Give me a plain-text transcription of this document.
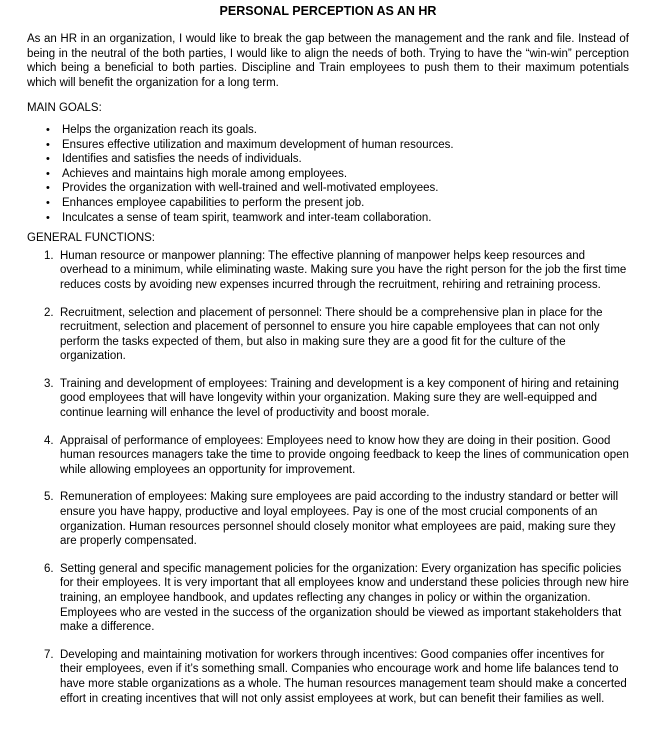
PERSONAL PERCEPTION AS AN HR

As an HR in an organization, I would like to break the gap between the management and the rank and file. Instead of being in the neutral of the both parties, I would like to align the needs of both. Trying to have the “win-win” perception which being a beneficial to both parties. Discipline and Train employees to push them to their maximum potentials which will benefit the organization for a long term.

MAIN GOALS:

•
Helps the organization reach its goals.
•
Ensures effective utilization and maximum development of human resources.
•
Identifies and satisfies the needs of individuals.
•
Achieves and maintains high morale among employees.
•
Provides the organization with well-trained and well-motivated employees.
•
Enhances employee capabilities to perform the present job.
•
Inculcates a sense of team spirit, teamwork and inter-team collaboration.

GENERAL FUNCTIONS:

1. Human resource or manpower planning: The effective planning of manpower helps keep resources and overhead to a minimum, while eliminating waste. Making sure you have the right person for the job the first time reduces costs by avoiding new expenses incurred through the recruitment, rehiring and retraining process.
2. Recruitment, selection and placement of personnel: There should be a comprehensive plan in place for the recruitment, selection and placement of personnel to ensure you hire capable employees that can not only perform the tasks expected of them, but also in making sure they are a good fit for the culture of the organization.
3. Training and development of employees: Training and development is a key component of hiring and retaining good employees that will have longevity within your organization. Making sure they are well-equipped and continue learning will enhance the level of productivity and boost morale.
4. Appraisal of performance of employees: Employees need to know how they are doing in their position. Good human resources managers take the time to provide ongoing feedback to keep the lines of communication open while allowing employees an opportunity for improvement.
5. Remuneration of employees: Making sure employees are paid according to the industry standard or better will ensure you have happy, productive and loyal employees. Pay is one of the most crucial components of an organization. Human resources personnel should closely monitor what employees are paid, making sure they are properly compensated.
6. Setting general and specific management policies for the organization: Every organization has specific policies for their employees. It is very important that all employees know and understand these policies through new hire training, an employee handbook, and updates reflecting any changes in policy or within the organization. Employees who are vested in the success of the organization should be viewed as important stakeholders that make a difference.
7. Developing and maintaining motivation for workers through incentives: Good companies offer incentives for their employees, even if it’s something small. Companies who encourage work and home life balances tend to have more stable organizations as a whole. The human resources management team should make a concerted effort in creating incentives that will not only assist employees at work, but can benefit their families as well.
